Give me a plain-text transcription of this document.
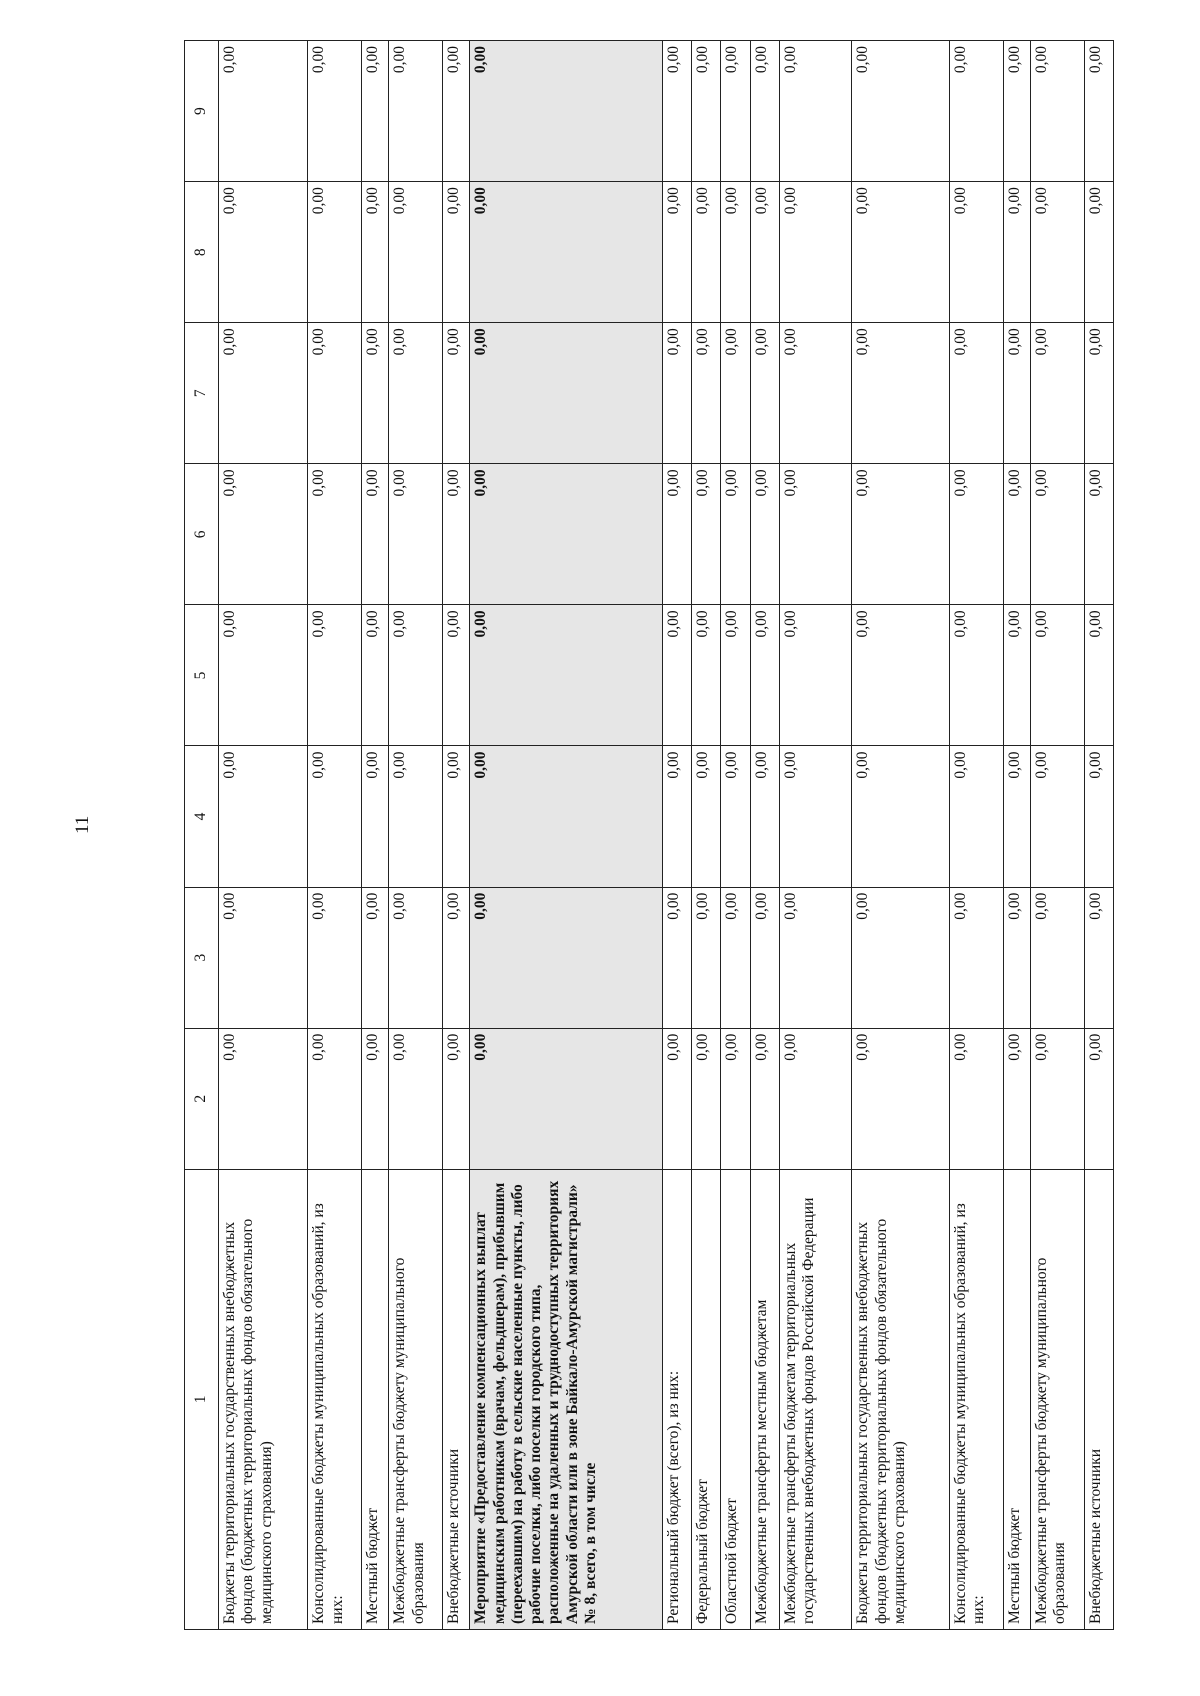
11
1	2	3	4	5	6	7	8	9
Бюджеты территориальных государственных внебюджетных фондов (бюджетных территориальных фондов обязательного медицинского страхования)	0,00	0,00	0,00	0,00	0,00	0,00	0,00	0,00
Консолидированные бюджеты муниципальных образований, из них:	0,00	0,00	0,00	0,00	0,00	0,00	0,00	0,00
Местный бюджет	0,00	0,00	0,00	0,00	0,00	0,00	0,00	0,00
Межбюджетные трансферты бюджету муниципального образования	0,00	0,00	0,00	0,00	0,00	0,00	0,00	0,00
Внебюджетные источники	0,00	0,00	0,00	0,00	0,00	0,00	0,00	0,00
Мероприятие «Предоставление компенсационных выплат медицинским работникам (врачам, фельдшерам), прибывшим (переехавшим) на работу в сельские населенные пункты, либо рабочие поселки, либо поселки городского типа, расположенные на удаленных и труднодоступных территориях Амурской области или в зоне Байкало-Амурской магистрали» № 8, всего, в том числе	0,00	0,00	0,00	0,00	0,00	0,00	0,00	0,00
Региональный бюджет (всего), из них:	0,00	0,00	0,00	0,00	0,00	0,00	0,00	0,00
Федеральный бюджет	0,00	0,00	0,00	0,00	0,00	0,00	0,00	0,00
Областной бюджет	0,00	0,00	0,00	0,00	0,00	0,00	0,00	0,00
Межбюджетные трансферты местным бюджетам	0,00	0,00	0,00	0,00	0,00	0,00	0,00	0,00
Межбюджетные трансферты бюджетам территориальных государственных внебюджетных фондов Российской Федерации	0,00	0,00	0,00	0,00	0,00	0,00	0,00	0,00
Бюджеты территориальных государственных внебюджетных фондов (бюджетных территориальных фондов обязательного медицинского страхования)	0,00	0,00	0,00	0,00	0,00	0,00	0,00	0,00
Консолидированные бюджеты муниципальных образований, из них:	0,00	0,00	0,00	0,00	0,00	0,00	0,00	0,00
Местный бюджет	0,00	0,00	0,00	0,00	0,00	0,00	0,00	0,00
Межбюджетные трансферты бюджету муниципального образования	0,00	0,00	0,00	0,00	0,00	0,00	0,00	0,00
Внебюджетные источники	0,00	0,00	0,00	0,00	0,00	0,00	0,00	0,00
